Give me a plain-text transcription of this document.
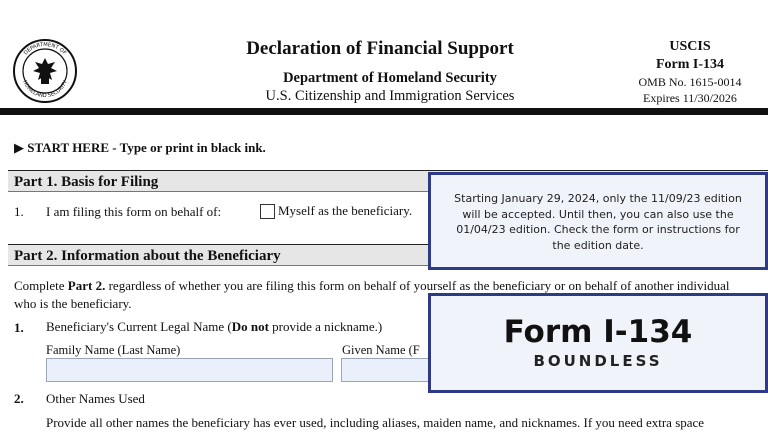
DEPARTMENT OF
HOMELAND SECURITY
Declaration of Financial Support
Department of Homeland Security
U.S. Citizenship and Immigration Services
USCIS
Form I-134
OMB No. 1615-0014
Expires 11/30/2026
▶ START HERE - Type or print in black ink.
Part 1. Basis for Filing
1. I am filing this form on behalf of:	Myself as the beneficiary.
Part 2. Information about the Beneficiary
Complete Part 2. regardless of whether you are filing this form on behalf of yourself as the beneficiary or on behalf of another individual who is the beneficiary.
1. Beneficiary's Current Legal Name (Do not provide a nickname.)
Family Name (Last Name)	Given Name (F
2. Other Names Used
Provide all other names the beneficiary has ever used, including aliases, maiden name, and nicknames. If you need extra space
Starting January 29, 2024, only the 11/09/23 edition will be accepted. Until then, you can also use the 01/04/23 edition. Check the form or instructions for the edition date.
Form I-134
BOUNDLESS
